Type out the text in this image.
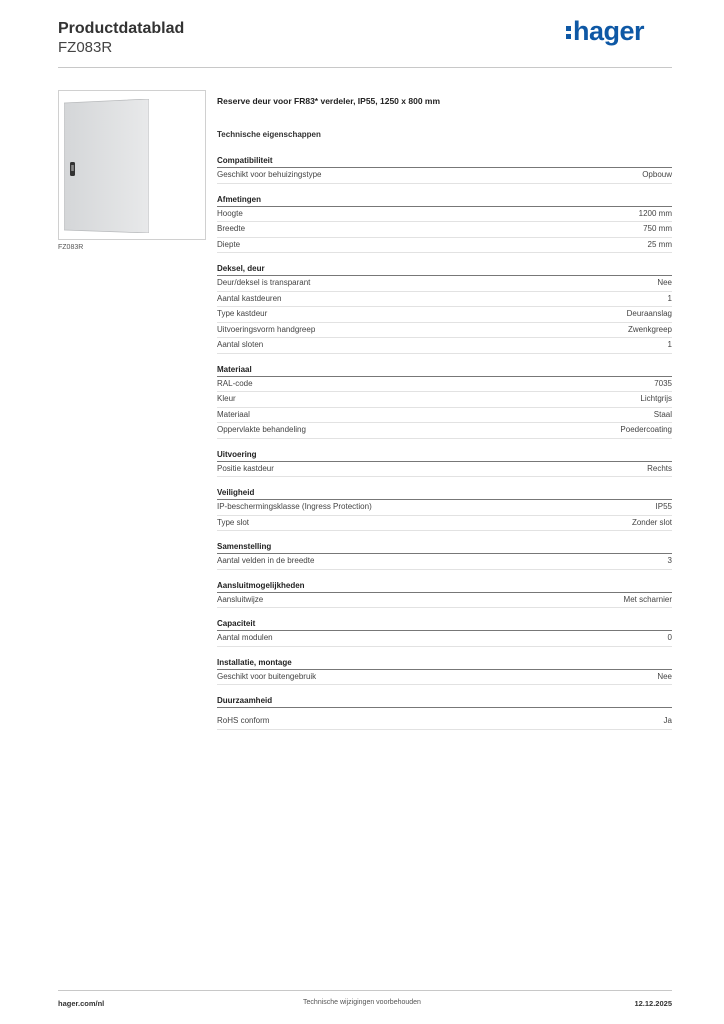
Productdatablad
FZ083R
hager
FZ083R
Reserve deur voor FR83* verdeler, IP55, 1250 x 800 mm
Technische eigenschappen
Compatibiliteit
Geschikt voor behuizingstype	Opbouw
Afmetingen
Hoogte	1200 mm
Breedte	750 mm
Diepte	25 mm
Deksel, deur
Deur/deksel is transparant	Nee
Aantal kastdeuren	1
Type kastdeur	Deuraanslag
Uitvoeringsvorm handgreep	Zwenkgreep
Aantal sloten	1
Materiaal
RAL-code	7035
Kleur	Lichtgrijs
Materiaal	Staal
Oppervlakte behandeling	Poedercoating
Uitvoering
Positie kastdeur	Rechts
Veiligheid
IP-beschermingsklasse (Ingress Protection)	IP55
Type slot	Zonder slot
Samenstelling
Aantal velden in de breedte	3
Aansluitmogelijkheden
Aansluitwijze	Met scharnier
Capaciteit
Aantal modulen	0
Installatie, montage
Geschikt voor buitengebruik	Nee
Duurzaamheid
RoHS conform	Ja
hager.com/nl	Technische wijzigingen voorbehouden	12.12.2025
